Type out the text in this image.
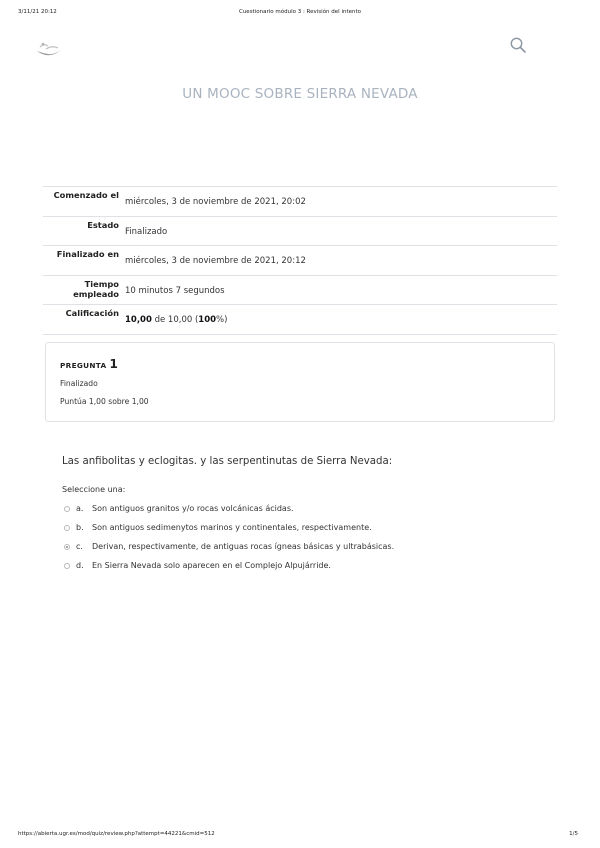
3/11/21 20:12	Cuestionario módulo 3 : Revisión del intento
UN MOOC SOBRE SIERRA NEVADA
Comenzado el	miércoles, 3 de noviembre de 2021, 20:02
Estado	Finalizado
Finalizado en	miércoles, 3 de noviembre de 2021, 20:12
Tiempo empleado	10 minutos 7 segundos
Calificación	10,00 de 10,00 (100%)
PREGUNTA 1
Finalizado
Puntúa 1,00 sobre 1,00
Las anfibolitas y eclogitas. y las serpentinutas de Sierra Nevada:
Seleccione una:
a.	Son antiguos granitos y/o rocas volcánicas ácidas.
b.	Son antiguos sedimenytos marinos y continentales, respectivamente.
c.	Derivan, respectivamente, de antiguas rocas ígneas básicas y ultrabásicas.
d.	En Sierra Nevada solo aparecen en el Complejo Alpujárride.
https://abierta.ugr.es/mod/quiz/review.php?attempt=44221&cmid=512	1/5
